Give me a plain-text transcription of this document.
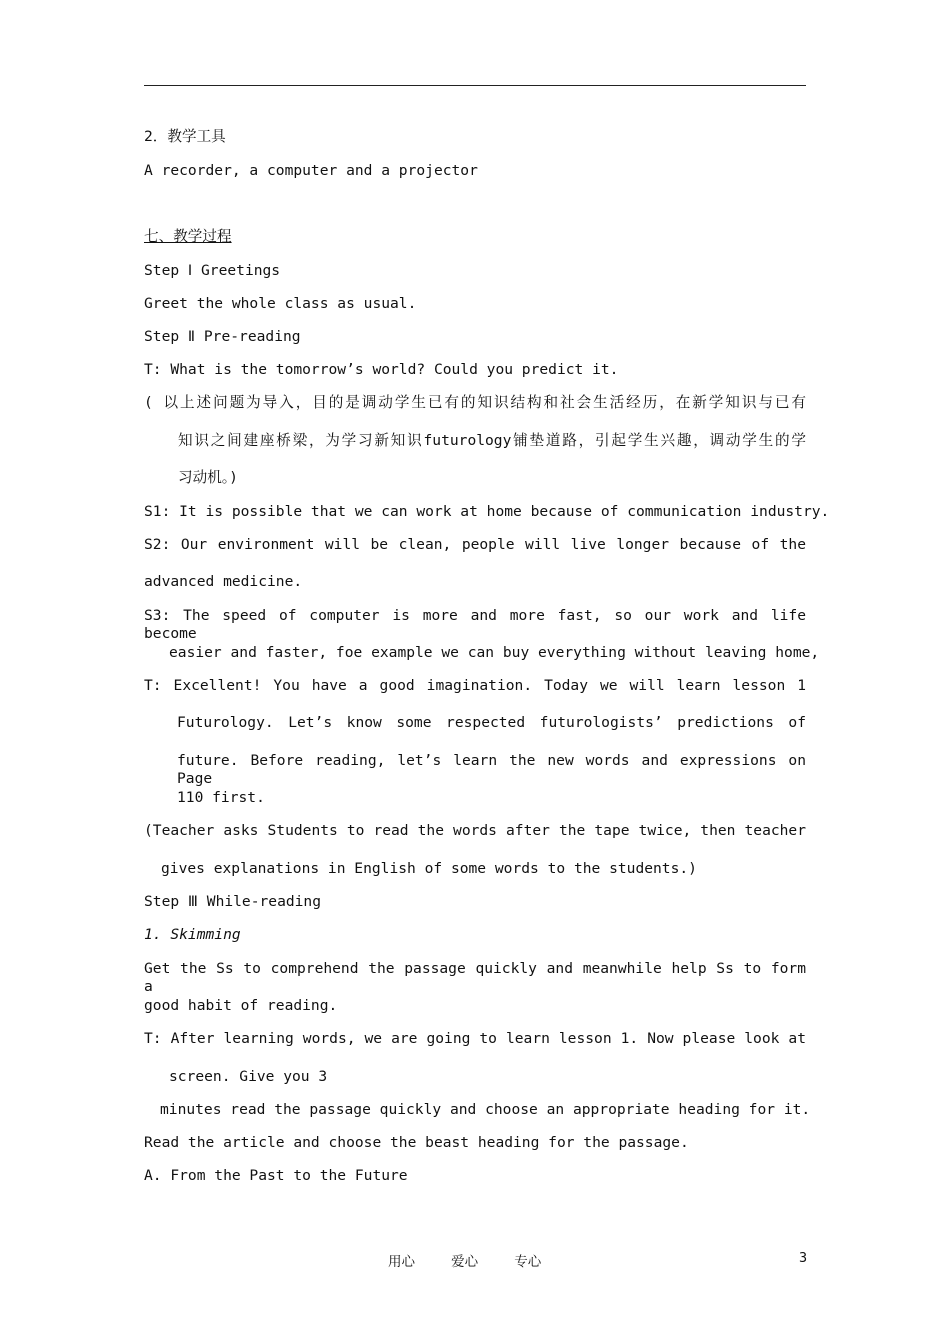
2．教学工具
A recorder, a computer and a projector
七、教学过程
Step Ⅰ Greetings
Greet the whole class as usual.
Step Ⅱ Pre-reading
T: What is the tomorrow’s world? Could you predict it.
( 以上述问题为导入，目的是调动学生已有的知识结构和社会生活经历，在新学知识与已有
知识之间建座桥梁，为学习新知识futurology铺垫道路，引起学生兴趣，调动学生的学
习动机。)
S1: It is possible that we can work at home because of communication industry.
S2: Our environment will be clean, people will live longer because of the
advanced medicine.
S3: The speed of computer is more and more fast, so our work and life become
easier and faster, foe example we can buy everything without leaving home,
T: Excellent! You have a good imagination. Today we will learn lesson 1
Futurology. Let’s know some respected futurologists’ predictions of
future. Before reading, let’s learn the new words and expressions on Page
110 first.
(Teacher asks Students to read the words after the tape twice, then teacher
gives explanations in English of some words to the students.)
Step Ⅲ While-reading
1. Skimming
Get the Ss to comprehend the passage quickly and meanwhile help Ss to form a
good habit of reading.
T: After learning words, we are going to learn lesson 1. Now please look at
screen. Give you 3
minutes read the passage quickly and choose an appropriate heading for it.
Read the article and choose the beast heading for the passage.
A. From the Past to the Future
用心	爱心	专心	3
